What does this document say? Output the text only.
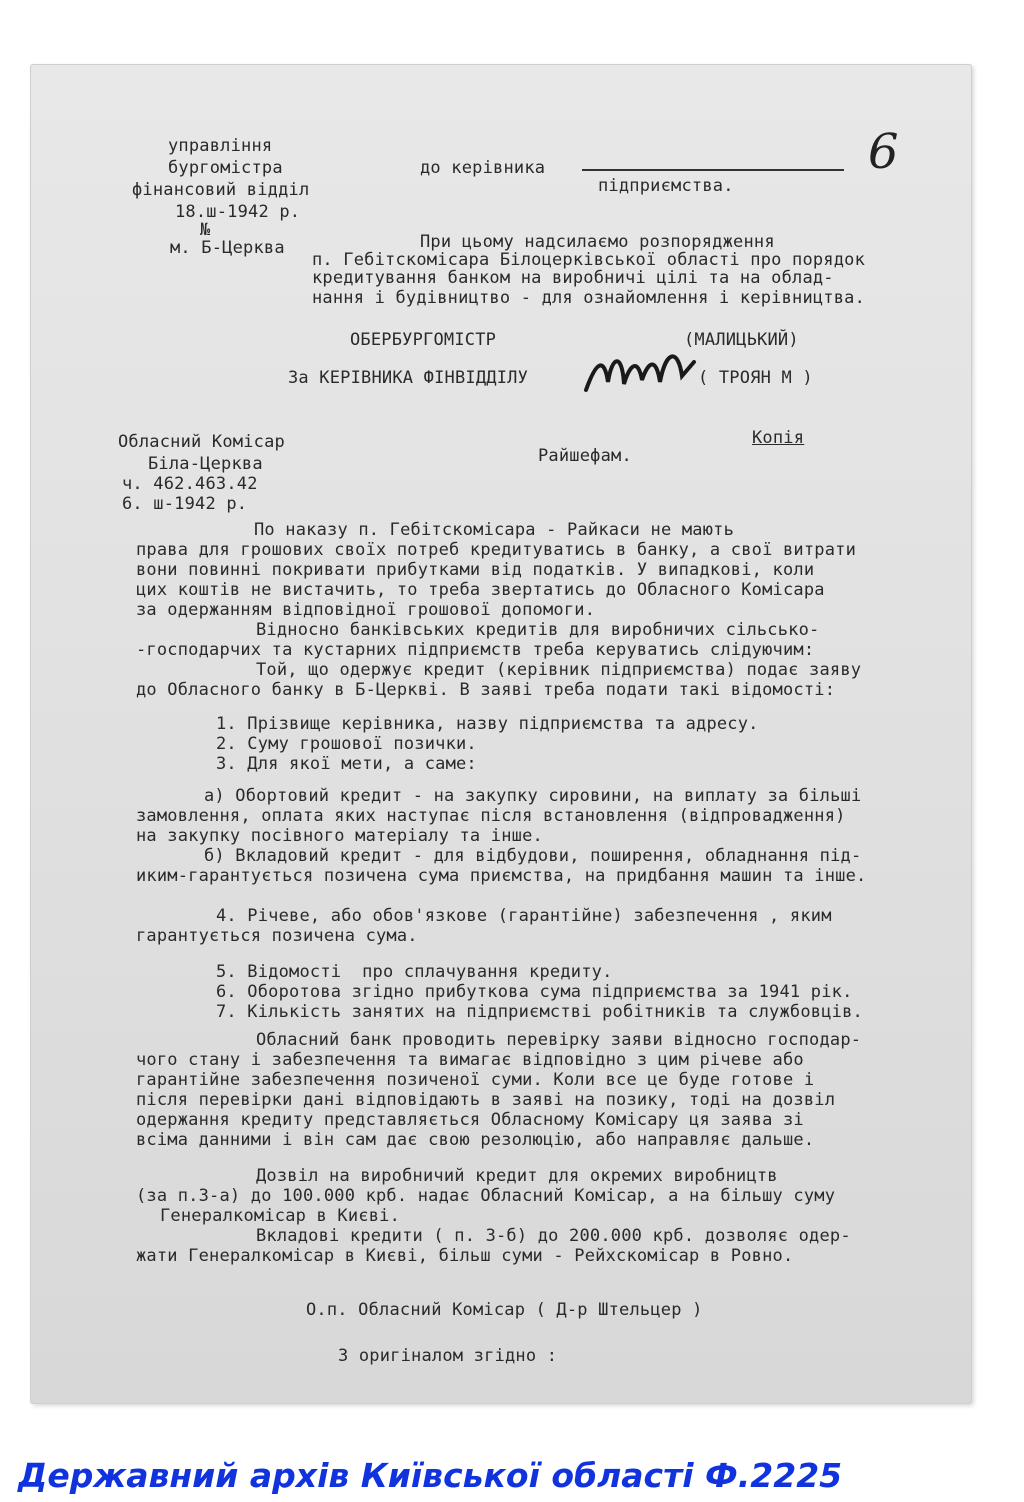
управління
бургомістра
фінансовий відділ
18.ш-1942 р.
№
м. Б-Церква
6
до керівника
підприємства.
При цьому надсилаємо розпорядження
п. Гебітскомісара Білоцерківської області про порядок
кредитування банком на виробничі цілі та на облад-
нання і будівництво - для ознайомлення і керівництва.
ОБЕРБУРГОМІСТР	(МАЛИЦЬКИЙ)
За КЕРІВНИКА ФІНВІДДІЛУ	( ТРОЯН М )
Обласний Комісар
Біла-Церква
ч. 462.463.42
6. ш-1942 р.
Копія
Райшефам.
По наказу п. Гебітскомісара - Райкаси не мають
права для грошових своїх потреб кредитуватись в банку, а свої витрати
вони повинні покривати прибутками від податків. У випадкові, коли
цих коштів не вистачить, то треба звертатись до Обласного Комісара
за одержанням відповідної грошової допомоги.
Відносно банківських кредитів для виробничих сільсько-
-господарчих та кустарних підприємств треба керуватись слідуючим:
Той, що одержує кредит (керівник підприємства) подає заяву
до Обласного банку в Б-Церкві. В заяві треба подати такі відомості:
1. Прізвище керівника, назву підприємства та адресу.
2. Суму грошової позички.
3. Для якої мети, а саме:
а) Обортовий кредит - на закупку сировини, на виплату за більші
замовлення, оплата яких наступає після встановлення (відпровадження)
на закупку посівного матеріалу та інше.
б) Вкладовий кредит - для відбудови, поширення, обладнання під-
иким-гарантується позичена сума приємства, на придбання машин та інше.
4. Річеве, або обов'язкове (гарантійне) забезпечення , яким
гарантується позичена сума.
5. Відомості  про сплачування кредиту.
6. Оборотова згідно прибуткова сума підприємства за 1941 рік.
7. Кількість занятих на підприємстві робітників та службовців.
Обласний банк проводить перевірку заяви відносно господар-
чого стану і забезпечення та вимагає відповідно з цим річеве або
гарантійне забезпечення позиченої суми. Коли все це буде готове і
після перевірки дані відповідають в заяві на позику, тоді на дозвіл
одержання кредиту представляється Обласному Комісару ця заява зі
всіма данними і він сам дає свою резолюцію, або направляє дальше.
Дозвіл на виробничий кредит для окремих виробництв
(за п.3-а) до 100.000 крб. надає Обласний Комісар, а на більшу суму
Генералкомісар в Києві.
Вкладові кредити ( п. 3-б) до 200.000 крб. дозволяє одер-
жати Генералкомісар в Києві, більш суми - Рейхскомісар в Ровно.
О.п. Обласний Комісар ( Д-р Штельцер )
З оригіналом згідно :
Державний архів Київської області Ф.2225
